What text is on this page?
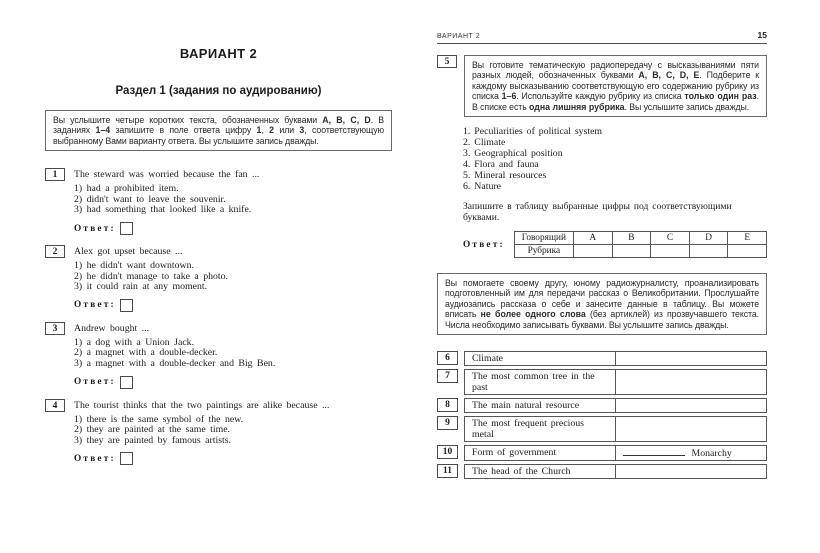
ВАРИАНТ 2
Раздел 1 (задания по аудированию)
Вы услышите четыре коротких текста, обозначенных буквами A, B, C, D. В заданиях 1–4 запишите в поле ответа цифру 1, 2 или 3, соответствующую выбранному Вами варианту ответа. Вы услышите запись дважды.
1	The steward was worried because the fan ...
1) had a prohibited item.
2) didn't want to leave the souvenir.
3) had something that looked like a knife.
Ответ:
2	Alex got upset because ...
1) he didn't want downtown.
2) he didn't manage to take a photo.
3) it could rain at any moment.
Ответ:
3	Andrew bought ...
1) a dog with a Union Jack.
2) a magnet with a double-decker.
3) a magnet with a double-decker and Big Ben.
Ответ:
4	The tourist thinks that the two paintings are alike because ...
1) there is the same symbol of the new.
2) they are painted at the same time.
3) they are painted by famous artists.
Ответ:
ВАРИАНТ 2	15
5	Вы готовите тематическую радиопередачу с высказываниями пяти разных людей, обозначенных буквами A, B, C, D, E. Подберите к каждому высказыванию соответствующую его содержанию рубрику из списка 1–6. Используйте каждую рубрику из списка только один раз. В списке есть одна лишняя рубрика. Вы услышите запись дважды.
1. Peculiarities of political system
2. Climate
3. Geographical position
4. Flora and fauna
5. Mineral resources
6. Nature
Запишите в таблицу выбранные цифры под соответствующими буквами.
Ответ:
Говорящий	A	B	C	D	E
Рубрика					
Вы помогаете своему другу, юному радиожурналисту, проанализировать подготовленный им для передачи рассказ о Великобритании. Прослушайте аудиозапись рассказа о себе и занесите данные в таблицу. Вы можете вписать не более одного слова (без артиклей) из прозвучавшего текста. Числа необходимо записывать буквами. Вы услышите запись дважды.
6	Climate
7	The most common tree in the past
8	The main natural resource
9	The most frequent precious metal
10	Form of government	Monarchy
11	The head of the Church
